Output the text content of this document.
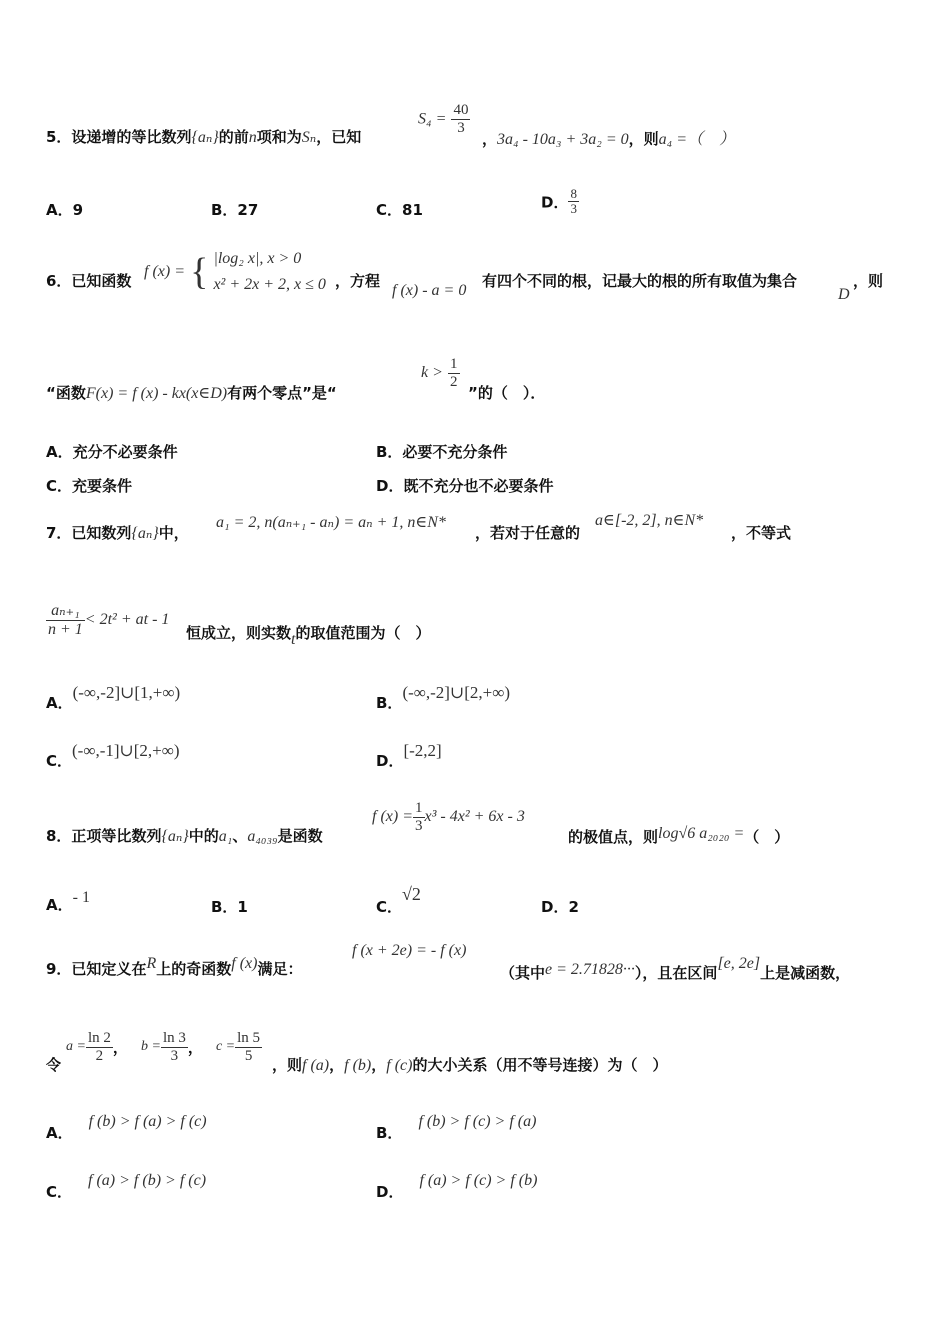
5．设递增的等比数列{aₙ}的前n项和为Sₙ，已知
$S_4 = \frac{40}{3}$
，3a₄ - 10a₃ + 3a₂ = 0，则a₄ =（　）
A．9	B．27	C．81	D． $\frac{8}{3}$
6．已知函数
f (x) = { |log₂ x|, x > 0
x² + 2x + 2, x ≤ 0 ，方程
f (x) - a = 0
有四个不同的根，记最大的根的所有取值为集合
D
，则
“函数F(x) = f (x) - kx(x∈D)有两个零点”是“
$k > \frac{1}{2}$
”的（　）．
A．充分不必要条件	B．必要不充分条件
C．充要条件	D．既不充分也不必要条件
7．已知数列{aₙ}中，
a₁ = 2, n(aₙ₊₁ - aₙ) = aₙ + 1, n∈N*
，若对于任意的
a∈[-2, 2], n∈N*
，不等式
$\frac{\text{aₙ₊₁}}{n + 1} < 2t^2$ + at - 1
恒成立，则实数t的取值范围为（　）
A．(-∞,-2]∪[1,+∞)
B．(-∞,-2]∪[2,+∞)
C．(-∞,-1]∪[2,+∞)
D．[-2,2]
8．正项等比数列{aₙ}中的a₁、a₄₀₃₉是函数
f $(x) = \frac{1}{3} x^3 - 4x^2 + 6x - 3$
的极值点，则log√6 a₂₀₂₀ =（　）
A．- 1
B．1	C．√2
D．2
9．已知定义在R上的奇函数f (x)满足：
f (x + 2e) = - f (x)
（其中e = 2.71828···），且在区间[e, 2e]上是减函数，
令
$a = \frac{\ln 2}{2}$ ， $b = \frac{\ln 3}{3}$ ， $c = \frac{\ln 5}{5}$
，则f (a)，f (b)，f (c)的大小关系（用不等号连接）为（　）
A．f (b) > f (a) > f (c)
B．f (b) > f (c) > f (a)
C．f (a) > f (b) > f (c)
D．f (a) > f (c) > f (b)
